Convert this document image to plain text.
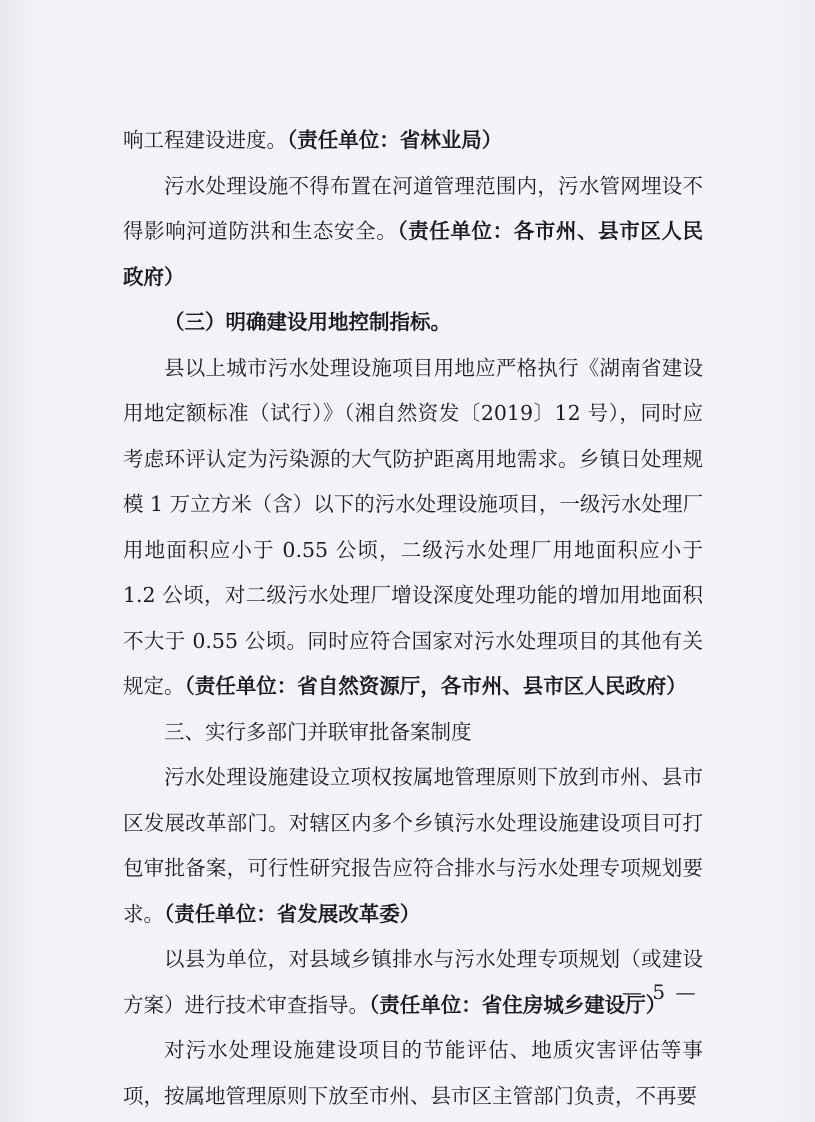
响工程建设进度。（责任单位：省林业局）

污水处理设施不得布置在河道管理范围内，污水管网埋设不得影响河道防洪和生态安全。（责任单位：各市州、县市区人民政府）

（三）明确建设用地控制指标。

县以上城市污水处理设施项目用地应严格执行《湖南省建设用地定额标准（试行）》（湘自然资发〔2019〕12 号），同时应考虑环评认定为污染源的大气防护距离用地需求。乡镇日处理规模 1 万立方米（含）以下的污水处理设施项目，一级污水处理厂用地面积应小于 0.55 公顷，二级污水处理厂用地面积应小于 1.2 公顷，对二级污水处理厂增设深度处理功能的增加用地面积不大于 0.55 公顷。同时应符合国家对污水处理项目的其他有关规定。（责任单位：省自然资源厅，各市州、县市区人民政府）

三、实行多部门并联审批备案制度

污水处理设施建设立项权按属地管理原则下放到市州、县市区发展改革部门。对辖区内多个乡镇污水处理设施建设项目可打包审批备案，可行性研究报告应符合排水与污水处理专项规划要求。（责任单位：省发展改革委）

以县为单位，对县域乡镇排水与污水处理专项规划（或建设方案）进行技术审查指导。（责任单位：省住房城乡建设厅）

对污水处理设施建设项目的节能评估、地质灾害评估等事项，按属地管理原则下放至市州、县市区主管部门负责，不再要

— 5 —
